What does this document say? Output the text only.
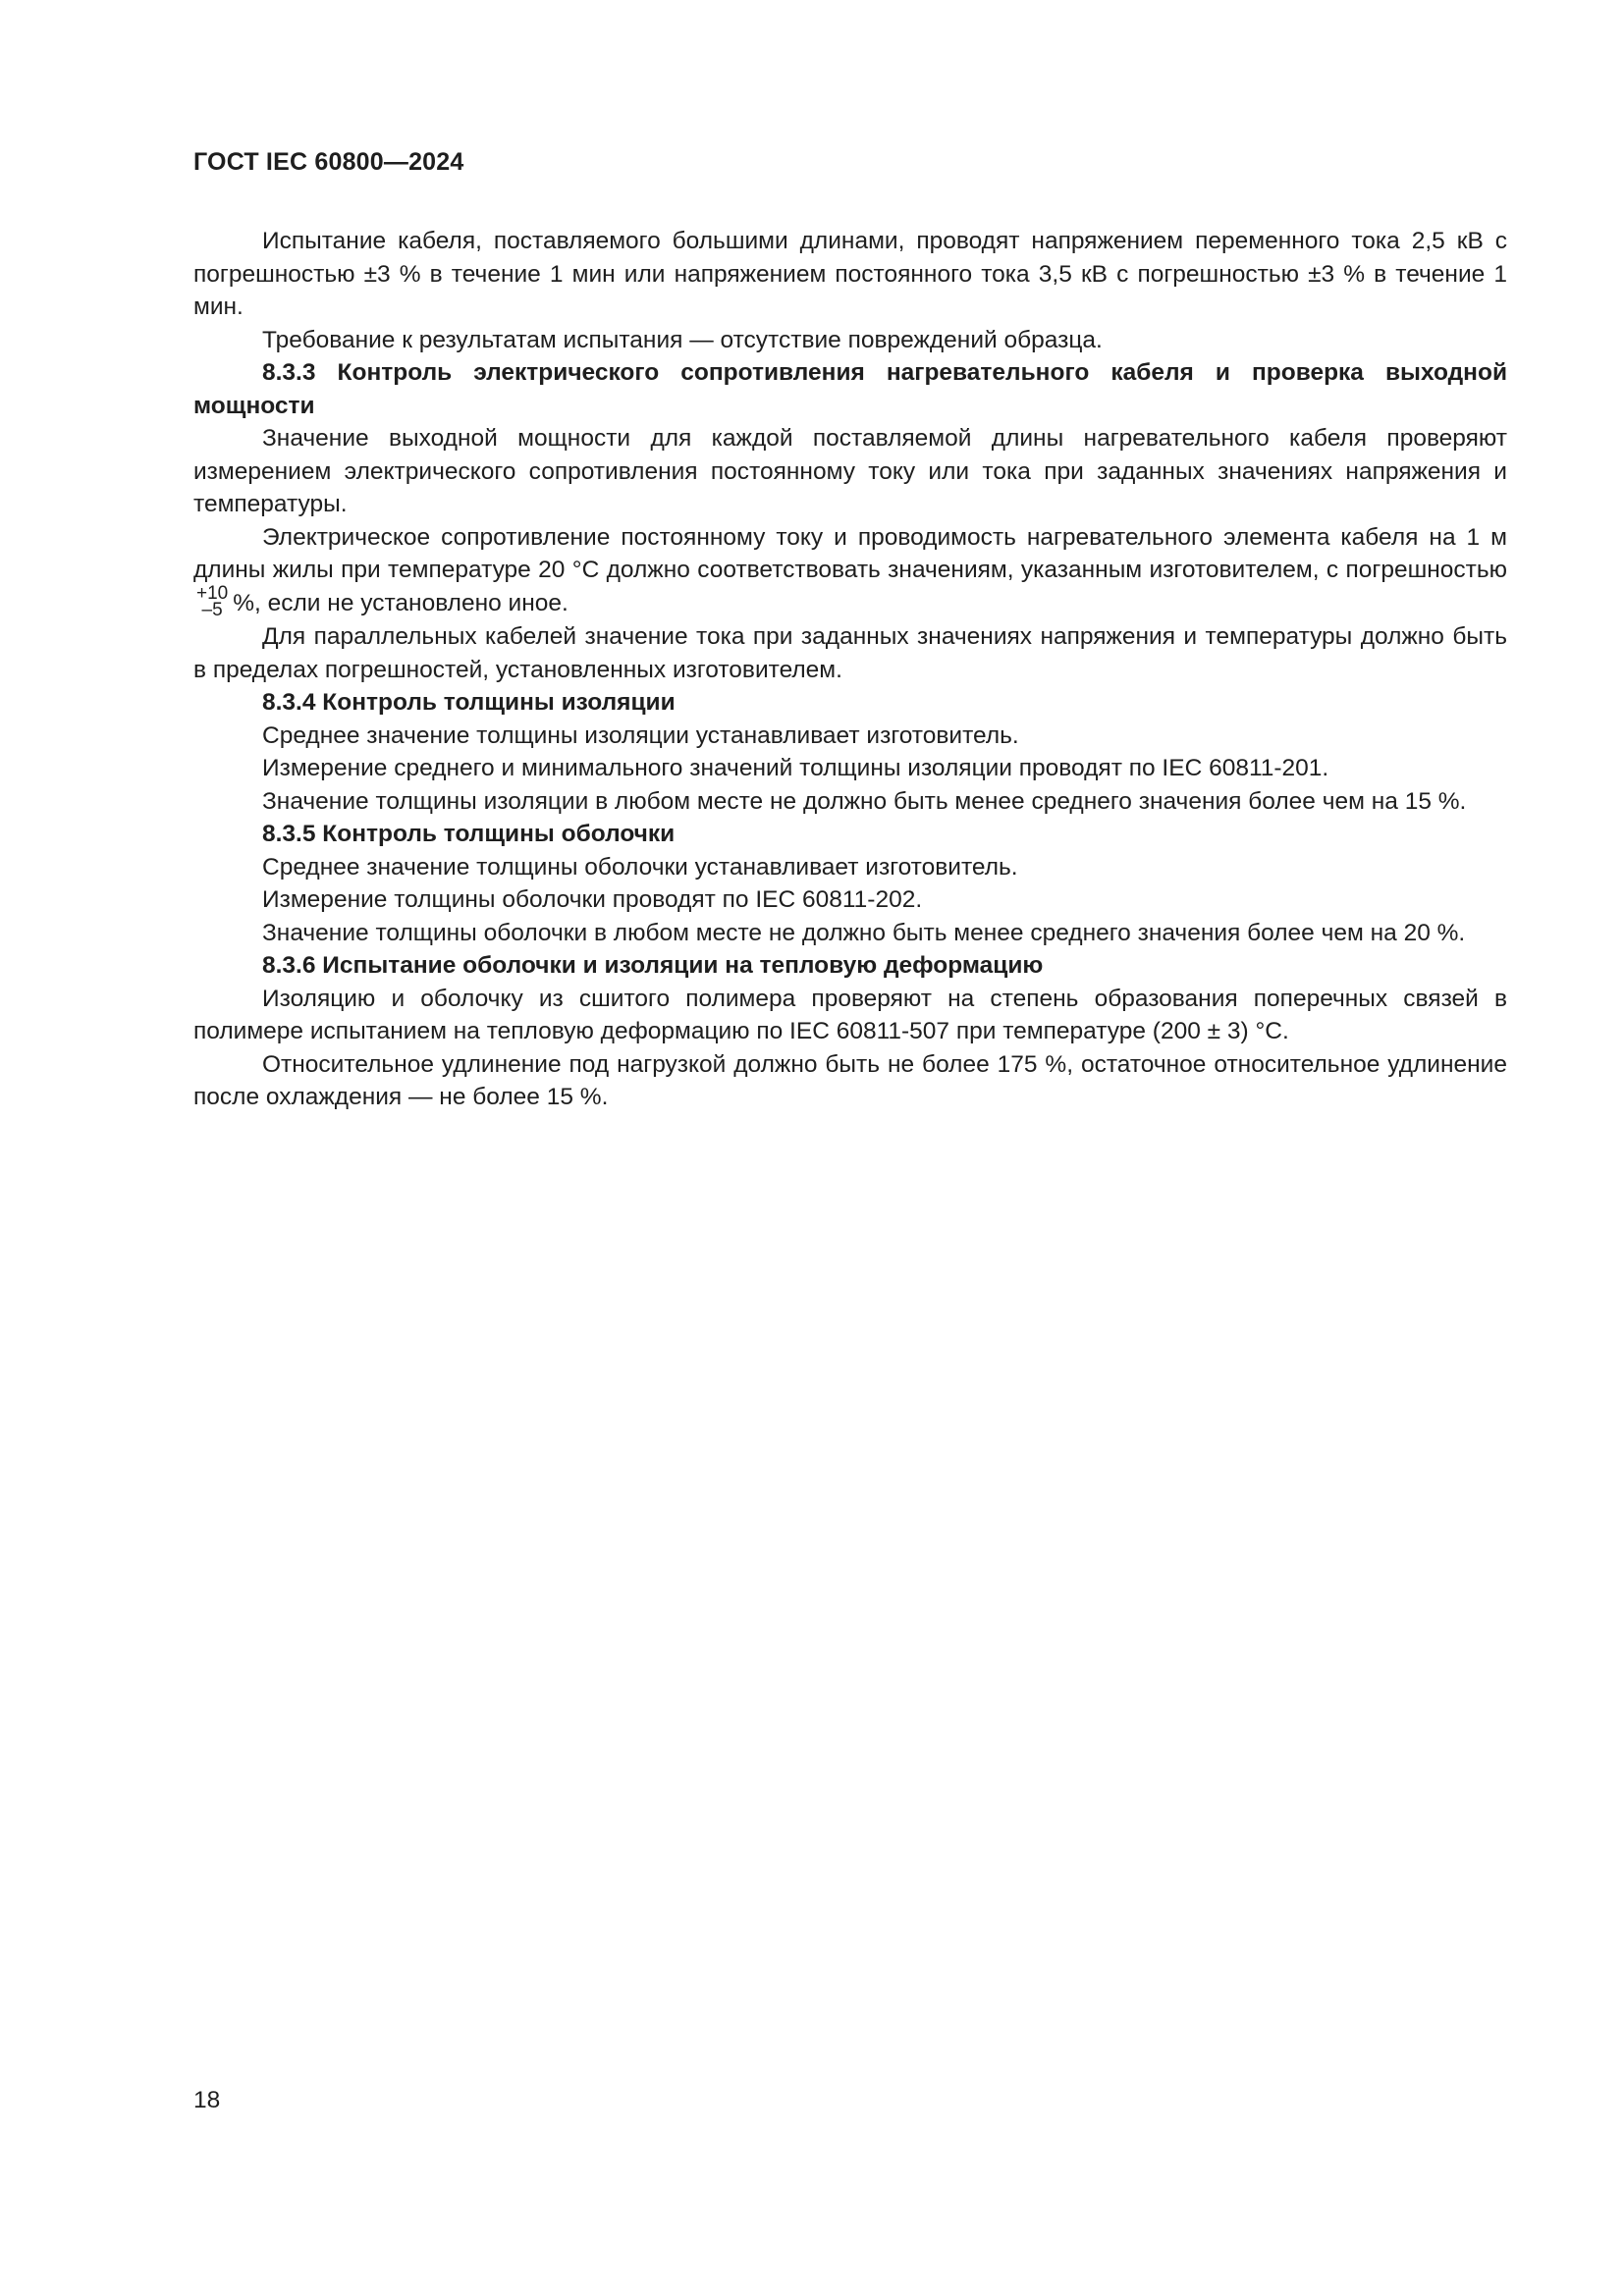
ГОСТ IEC 60800—2024

Испытание кабеля, поставляемого большими длинами, проводят напряжением переменного тока 2,5 кВ с погрешностью ±3 % в течение 1 мин или напряжением постоянного тока 3,5 кВ с погрешностью ±3 % в течение 1 мин.

Требование к результатам испытания — отсутствие повреждений образца.

8.3.3 Контроль электрического сопротивления нагревательного кабеля и проверка выходной мощности

Значение выходной мощности для каждой поставляемой длины нагревательного кабеля проверяют измерением электрического сопротивления постоянному току или тока при заданных значениях напряжения и температуры.

Электрическое сопротивление постоянному току и проводимость нагревательного элемента кабеля на 1 м длины жилы при температуре 20 °С должно соответствовать значениям, указанным изготовителем, с погрешностью
+10
–5 %, если не установлено иное.

Для параллельных кабелей значение тока при заданных значениях напряжения и температуры должно быть в пределах погрешностей, установленных изготовителем.

8.3.4 Контроль толщины изоляции

Среднее значение толщины изоляции устанавливает изготовитель.

Измерение среднего и минимального значений толщины изоляции проводят по IEC 60811-201.

Значение толщины изоляции в любом месте не должно быть менее среднего значения более чем на 15 %.

8.3.5 Контроль толщины оболочки

Среднее значение толщины оболочки устанавливает изготовитель.

Измерение толщины оболочки проводят по IEC 60811-202.

Значение толщины оболочки в любом месте не должно быть менее среднего значения более чем на 20 %.

8.3.6 Испытание оболочки и изоляции на тепловую деформацию

Изоляцию и оболочку из сшитого полимера проверяют на степень образования поперечных связей в полимере испытанием на тепловую деформацию по IEC 60811-507 при температуре (200 ± 3) °С.

Относительное удлинение под нагрузкой должно быть не более 175 %, остаточное относительное удлинение после охлаждения — не более 15 %.

18
